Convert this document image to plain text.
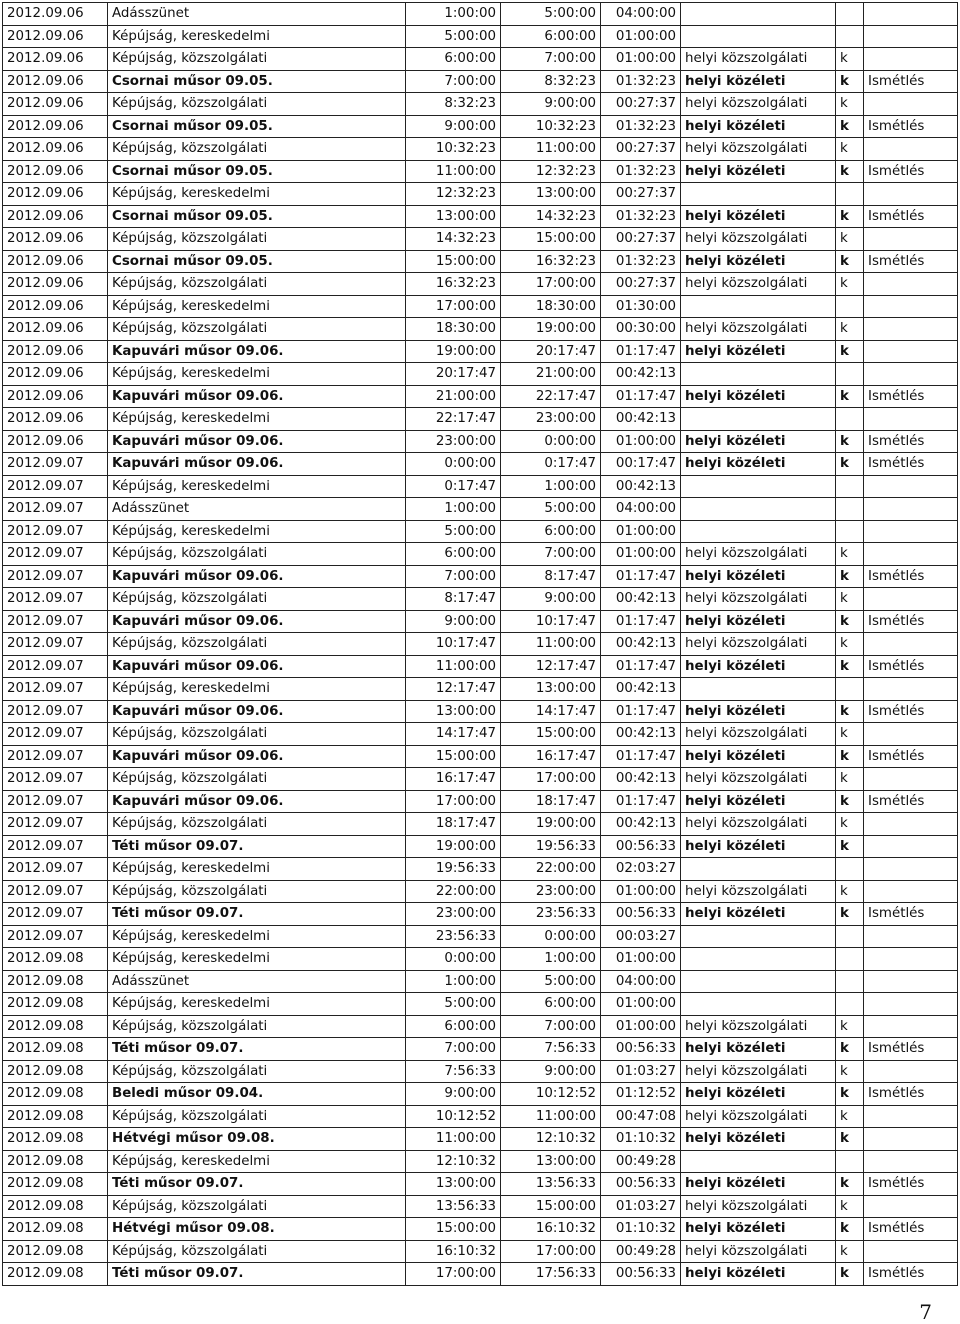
2012.09.06	Adásszünet	1:00:00	5:00:00	04:00:00			
2012.09.06	Képújság, kereskedelmi	5:00:00	6:00:00	01:00:00			
2012.09.06	Képújság, közszolgálati	6:00:00	7:00:00	01:00:00	helyi közszolgálati	k	
2012.09.06	Csornai műsor 09.05.	7:00:00	8:32:23	01:32:23	helyi közéleti	k	Ismétlés
2012.09.06	Képújság, közszolgálati	8:32:23	9:00:00	00:27:37	helyi közszolgálati	k	
2012.09.06	Csornai műsor 09.05.	9:00:00	10:32:23	01:32:23	helyi közéleti	k	Ismétlés
2012.09.06	Képújság, közszolgálati	10:32:23	11:00:00	00:27:37	helyi közszolgálati	k	
2012.09.06	Csornai műsor 09.05.	11:00:00	12:32:23	01:32:23	helyi közéleti	k	Ismétlés
2012.09.06	Képújság, kereskedelmi	12:32:23	13:00:00	00:27:37			
2012.09.06	Csornai műsor 09.05.	13:00:00	14:32:23	01:32:23	helyi közéleti	k	Ismétlés
2012.09.06	Képújság, közszolgálati	14:32:23	15:00:00	00:27:37	helyi közszolgálati	k	
2012.09.06	Csornai műsor 09.05.	15:00:00	16:32:23	01:32:23	helyi közéleti	k	Ismétlés
2012.09.06	Képújság, közszolgálati	16:32:23	17:00:00	00:27:37	helyi közszolgálati	k	
2012.09.06	Képújság, kereskedelmi	17:00:00	18:30:00	01:30:00			
2012.09.06	Képújság, közszolgálati	18:30:00	19:00:00	00:30:00	helyi közszolgálati	k	
2012.09.06	Kapuvári műsor 09.06.	19:00:00	20:17:47	01:17:47	helyi közéleti	k	
2012.09.06	Képújság, kereskedelmi	20:17:47	21:00:00	00:42:13			
2012.09.06	Kapuvári műsor 09.06.	21:00:00	22:17:47	01:17:47	helyi közéleti	k	Ismétlés
2012.09.06	Képújság, kereskedelmi	22:17:47	23:00:00	00:42:13			
2012.09.06	Kapuvári műsor 09.06.	23:00:00	0:00:00	01:00:00	helyi közéleti	k	Ismétlés
2012.09.07	Kapuvári műsor 09.06.	0:00:00	0:17:47	00:17:47	helyi közéleti	k	Ismétlés
2012.09.07	Képújság, kereskedelmi	0:17:47	1:00:00	00:42:13			
2012.09.07	Adásszünet	1:00:00	5:00:00	04:00:00			
2012.09.07	Képújság, kereskedelmi	5:00:00	6:00:00	01:00:00			
2012.09.07	Képújság, közszolgálati	6:00:00	7:00:00	01:00:00	helyi közszolgálati	k	
2012.09.07	Kapuvári műsor 09.06.	7:00:00	8:17:47	01:17:47	helyi közéleti	k	Ismétlés
2012.09.07	Képújság, közszolgálati	8:17:47	9:00:00	00:42:13	helyi közszolgálati	k	
2012.09.07	Kapuvári műsor 09.06.	9:00:00	10:17:47	01:17:47	helyi közéleti	k	Ismétlés
2012.09.07	Képújság, közszolgálati	10:17:47	11:00:00	00:42:13	helyi közszolgálati	k	
2012.09.07	Kapuvári műsor 09.06.	11:00:00	12:17:47	01:17:47	helyi közéleti	k	Ismétlés
2012.09.07	Képújság, kereskedelmi	12:17:47	13:00:00	00:42:13			
2012.09.07	Kapuvári műsor 09.06.	13:00:00	14:17:47	01:17:47	helyi közéleti	k	Ismétlés
2012.09.07	Képújság, közszolgálati	14:17:47	15:00:00	00:42:13	helyi közszolgálati	k	
2012.09.07	Kapuvári műsor 09.06.	15:00:00	16:17:47	01:17:47	helyi közéleti	k	Ismétlés
2012.09.07	Képújság, közszolgálati	16:17:47	17:00:00	00:42:13	helyi közszolgálati	k	
2012.09.07	Kapuvári műsor 09.06.	17:00:00	18:17:47	01:17:47	helyi közéleti	k	Ismétlés
2012.09.07	Képújság, közszolgálati	18:17:47	19:00:00	00:42:13	helyi közszolgálati	k	
2012.09.07	Téti műsor 09.07.	19:00:00	19:56:33	00:56:33	helyi közéleti	k	
2012.09.07	Képújság, kereskedelmi	19:56:33	22:00:00	02:03:27			
2012.09.07	Képújság, közszolgálati	22:00:00	23:00:00	01:00:00	helyi közszolgálati	k	
2012.09.07	Téti műsor 09.07.	23:00:00	23:56:33	00:56:33	helyi közéleti	k	Ismétlés
2012.09.07	Képújság, kereskedelmi	23:56:33	0:00:00	00:03:27			
2012.09.08	Képújság, kereskedelmi	0:00:00	1:00:00	01:00:00			
2012.09.08	Adásszünet	1:00:00	5:00:00	04:00:00			
2012.09.08	Képújság, kereskedelmi	5:00:00	6:00:00	01:00:00			
2012.09.08	Képújság, közszolgálati	6:00:00	7:00:00	01:00:00	helyi közszolgálati	k	
2012.09.08	Téti műsor 09.07.	7:00:00	7:56:33	00:56:33	helyi közéleti	k	Ismétlés
2012.09.08	Képújság, közszolgálati	7:56:33	9:00:00	01:03:27	helyi közszolgálati	k	
2012.09.08	Beledi műsor 09.04.	9:00:00	10:12:52	01:12:52	helyi közéleti	k	Ismétlés
2012.09.08	Képújság, közszolgálati	10:12:52	11:00:00	00:47:08	helyi közszolgálati	k	
2012.09.08	Hétvégi műsor 09.08.	11:00:00	12:10:32	01:10:32	helyi közéleti	k	
2012.09.08	Képújság, kereskedelmi	12:10:32	13:00:00	00:49:28			
2012.09.08	Téti műsor 09.07.	13:00:00	13:56:33	00:56:33	helyi közéleti	k	Ismétlés
2012.09.08	Képújság, közszolgálati	13:56:33	15:00:00	01:03:27	helyi közszolgálati	k	
2012.09.08	Hétvégi műsor 09.08.	15:00:00	16:10:32	01:10:32	helyi közéleti	k	Ismétlés
2012.09.08	Képújság, közszolgálati	16:10:32	17:00:00	00:49:28	helyi közszolgálati	k	
2012.09.08	Téti műsor 09.07.	17:00:00	17:56:33	00:56:33	helyi közéleti	k	Ismétlés
7
